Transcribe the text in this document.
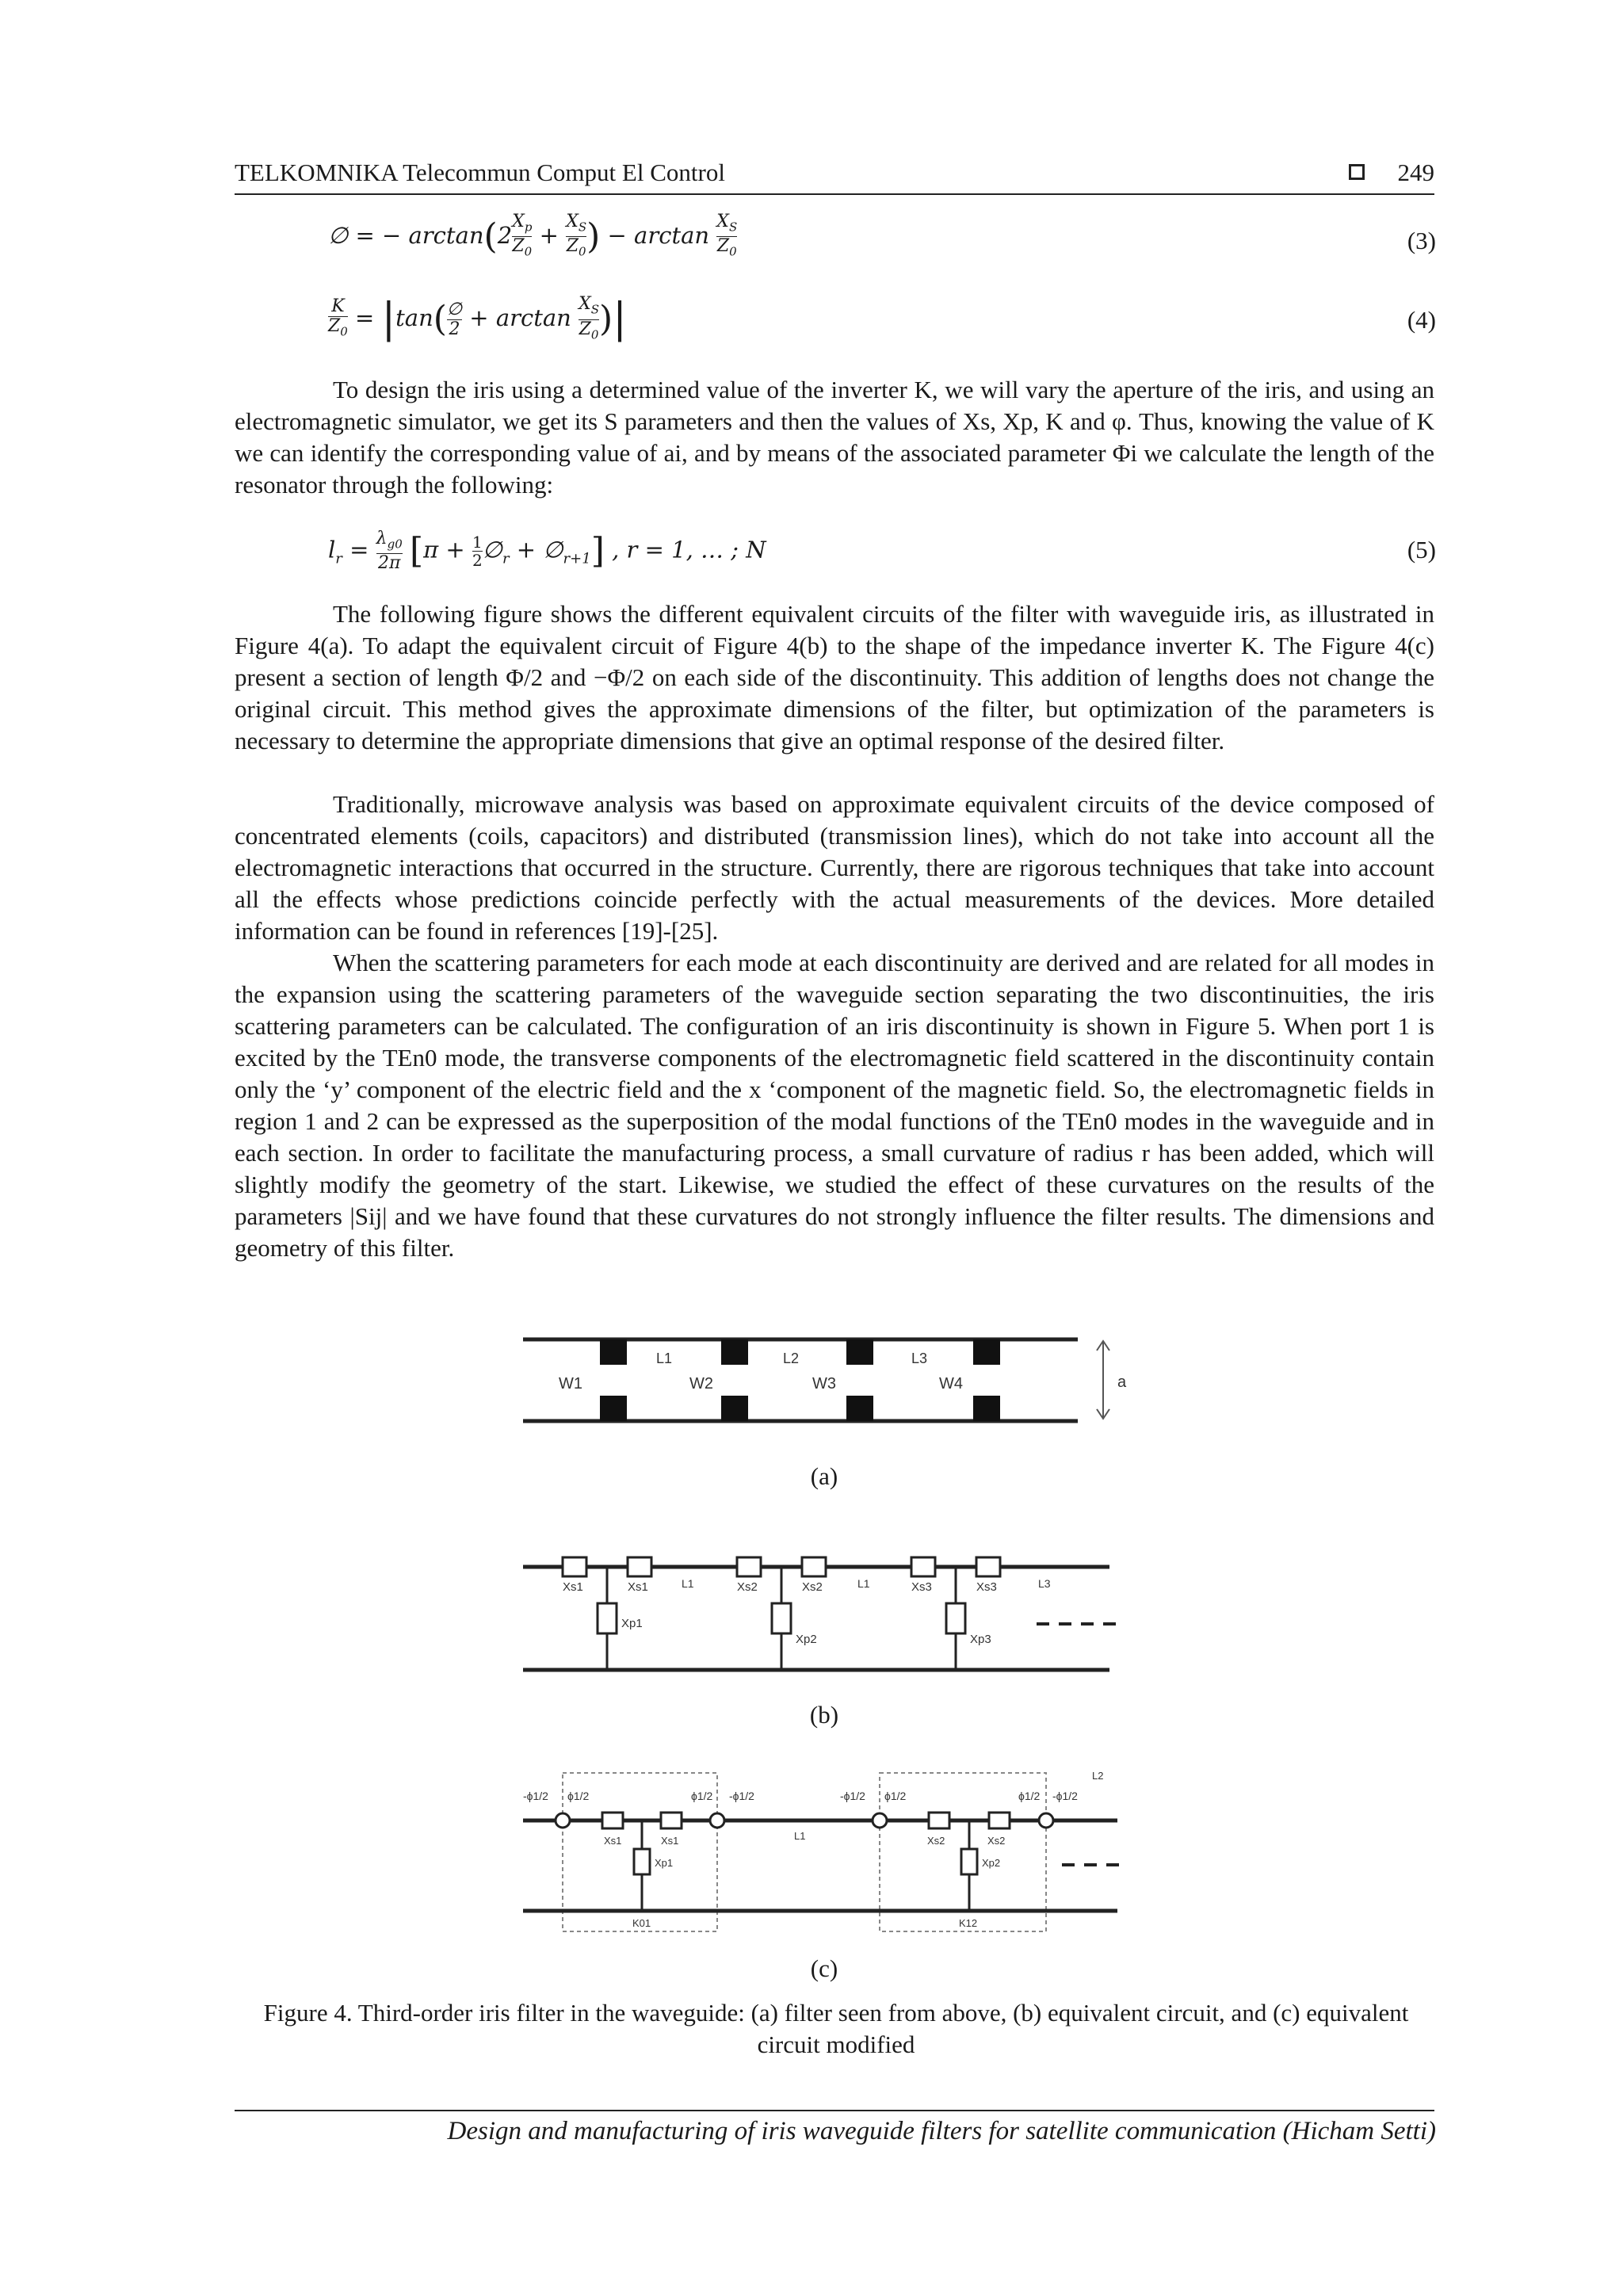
TELKOMNIKA Telecommun Comput El Control	249
∅ = − $\arctan(2 \frac{X_p}{Z_0} + \frac{X_S}{Z_0}$ ) − $\arctan \frac{X_S}{Z_0}$	(3)
$\frac{K}{Z_0} = |\tan$( ∅
$2 + \arctan \frac{X_S}{Z_0}$ )|	(4)

To design the iris using a determined value of the inverter K, we will vary the aperture of the iris, and using an electromagnetic simulator, we get its S parameters and then the values of Xs, Xp, K and φ. Thus, knowing the value of K we can identify the corresponding value of ai, and by means of the associated parameter Φi we calculate the length of the resonator through the following:

$l_r = \frac{\lambda_{g0}}{2\pi} [\pi + \frac{1}{2}$ $\emptyset_r$ + $\emptyset_{r+1}$] , r = 1, … ; N	(5)

The following figure shows the different equivalent circuits of the filter with waveguide iris, as illustrated in Figure 4(a). To adapt the equivalent circuit of Figure 4(b) to the shape of the impedance inverter K. The Figure 4(c) present a section of length Φ/2 and −Φ/2 on each side of the discontinuity. This addition of lengths does not change the original circuit. This method gives the approximate dimensions of the filter, but optimization of the parameters is necessary to determine the appropriate dimensions that give an optimal response of the desired filter.

Traditionally, microwave analysis was based on approximate equivalent circuits of the device composed of concentrated elements (coils, capacitors) and distributed (transmission lines), which do not take into account all the electromagnetic interactions that occurred in the structure. Currently, there are rigorous techniques that take into account all the effects whose predictions coincide perfectly with the actual measurements of the devices. More detailed information can be found in references [19]-[25].

When the scattering parameters for each mode at each discontinuity are derived and are related for all modes in the expansion using the scattering parameters of the waveguide section separating the two discontinuities, the iris scattering parameters can be calculated. The configuration of an iris discontinuity is shown in Figure 5. When port 1 is excited by the TEn0 mode, the transverse components of the electromagnetic field scattered in the discontinuity contain only the ‘y’ component of the electric field and the x ‘component of the magnetic field. So, the electromagnetic fields in region 1 and 2 can be expressed as the superposition of the modal functions of the TEn0 modes in the waveguide and in each section. In order to facilitate the manufacturing process, a small curvature of radius r has been added, which will slightly modify the geometry of the start. Likewise, we studied the effect of these curvatures on the results of the parameters |Sij| and we have found that these curvatures do not strongly influence the filter results. The dimensions and geometry of this filter.

W1	W2	W3	W4
L1	L2	L3
a
(a)
Xs1	Xs1	Xs2	Xs2	Xs3	Xs3
Xp1
Xp2	Xp3
L1	L1	L3
(b)
-ϕ1/2 ϕ1/2	ϕ1/2 -ϕ1/2	-ϕ1/2 ϕ1/2	ϕ1/2 -ϕ1/2
Xs1	Xs1	Xs2	Xs2
Xp1	Xp2
L1
L2
K01	K12
(c)
Figure 4. Third-order iris filter in the waveguide: (a) filter seen from above, (b) equivalent circuit, and (c) equivalent circuit modified
Design and manufacturing of iris waveguide filters for satellite communication (Hicham Setti)
